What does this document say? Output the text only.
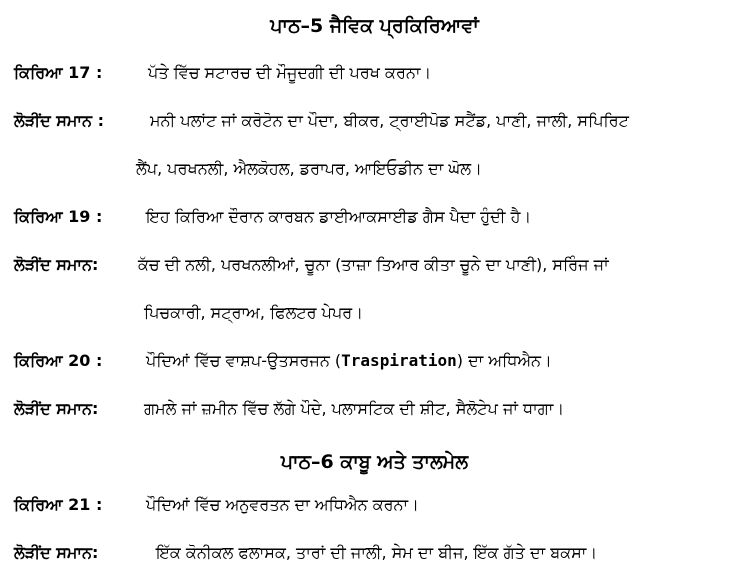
ਪਾਠ–5 ਜੈਵਿਕ ਪ੍ਰਕਿਰਿਆਵਾਂ
ਕਿਰਿਆ 17 :	ਪੱਤੇ ਵਿੱਚ ਸਟਾਰਚ ਦੀ ਮੌਜੂਦਗੀ ਦੀ ਪਰਖ ਕਰਨਾ।
ਲੋੜੀਂਦ ਸਮਾਨ :	ਮਨੀ ਪਲਾਂਟ ਜਾਂ ਕਰੋਟੋਨ ਦਾ ਪੌਦਾ, ਬੀਕਰ, ਟ੍ਰਾਈਪੋਡ ਸਟੈਂਡ, ਪਾਣੀ, ਜਾਲੀ, ਸਪਿਰਿਟ
ਲੈਂਪ, ਪਰਖਨਲੀ, ਐਲਕੋਹਲ, ਡਰਾਪਰ, ਆਇਓਡੀਨ ਦਾ ਘੋਲ।
ਕਿਰਿਆ 19 :	ਇਹ ਕਿਰਿਆ ਦੌਰਾਨ ਕਾਰਬਨ ਡਾਈਆਕਸਾਈਡ ਗੈਸ ਪੈਦਾ ਹੁੰਦੀ ਹੈ।
ਲੋੜੀਂਦ ਸਮਾਨ: ਕੱਚ ਦੀ ਨਲੀ, ਪਰਖਨਲੀਆਂ, ਚੂਨਾ (ਤਾਜ਼ਾ ਤਿਆਰ ਕੀਤਾ ਚੂਨੇ ਦਾ ਪਾਣੀ), ਸਰਿੰਜ ਜਾਂ
ਪਿਚਕਾਰੀ, ਸਟ੍ਰਾਅ, ਫਿਲਟਰ ਪੇਪਰ।
ਕਿਰਿਆ 20 :	ਪੌਦਿਆਂ ਵਿੱਚ ਵਾਸ਼ਪ-ਉਤਸਰਜਨ (Traspiration) ਦਾ ਅਧਿਐਨ।
ਲੋੜੀਂਦ ਸਮਾਨ:	ਗਮਲੇ ਜਾਂ ਜ਼ਮੀਨ ਵਿੱਚ ਲੱਗੇ ਪੌਦੇ, ਪਲਾਸਟਿਕ ਦੀ ਸ਼ੀਟ, ਸੈਲੋਟੇਪ ਜਾਂ ਧਾਗਾ।
ਪਾਠ–6 ਕਾਬੂ ਅਤੇ ਤਾਲਮੇਲ
ਕਿਰਿਆ 21 :	ਪੌਦਿਆਂ ਵਿੱਚ ਅਨੁਵਰਤਨ ਦਾ ਅਧਿਐਨ ਕਰਨਾ।
ਲੋੜੀਂਦ ਸਮਾਨ:	ਇੱਕ ਕੋਨੀਕਲ ਫਲਾਸਕ, ਤਾਰਾਂ ਦੀ ਜਾਲੀ, ਸੇਮ ਦਾ ਬੀਜ, ਇੱਕ ਗੱਤੇ ਦਾ ਬਕਸਾ।
